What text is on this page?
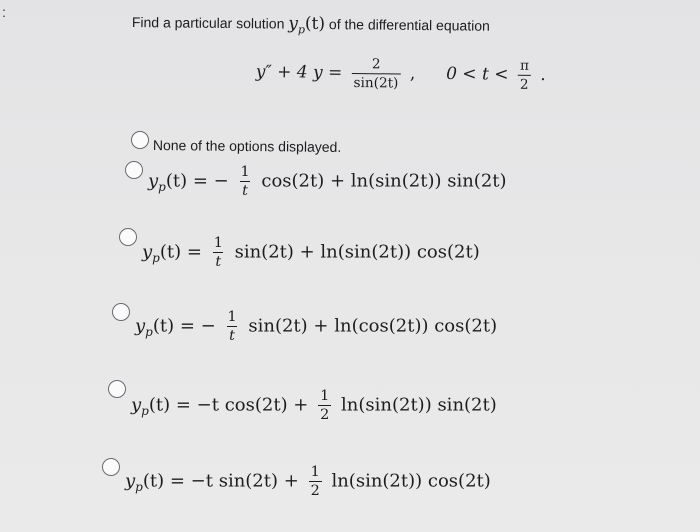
:
Find a particular solution $y_p(t)$ of the differential equation
y″ + 4 $y = \frac{2}{\sin(2t)}$ , $0 < t < \frac{\pi}{2}$ .
None of the options displayed.
$y_p(t)$ = − $\frac{1}{t} \cos(2t) + \ln(\sin(2t))$ sin(2t)
$y_p(t) = \frac{1}{t} \sin(2t) + \ln(\sin(2t))$ cos(2t)
$y_p(t)$ = − $\frac{1}{t} \sin(2t) + \ln(\cos(2t))$ cos(2t)
$y_p(t) = -t$ $\cos(2t) + \frac{1}{2} \ln(\sin(2t))$ sin(2t)
$y_p(t) = -t$ $\sin(2t) + \frac{1}{2} \ln(\sin(2t))$ cos(2t)
